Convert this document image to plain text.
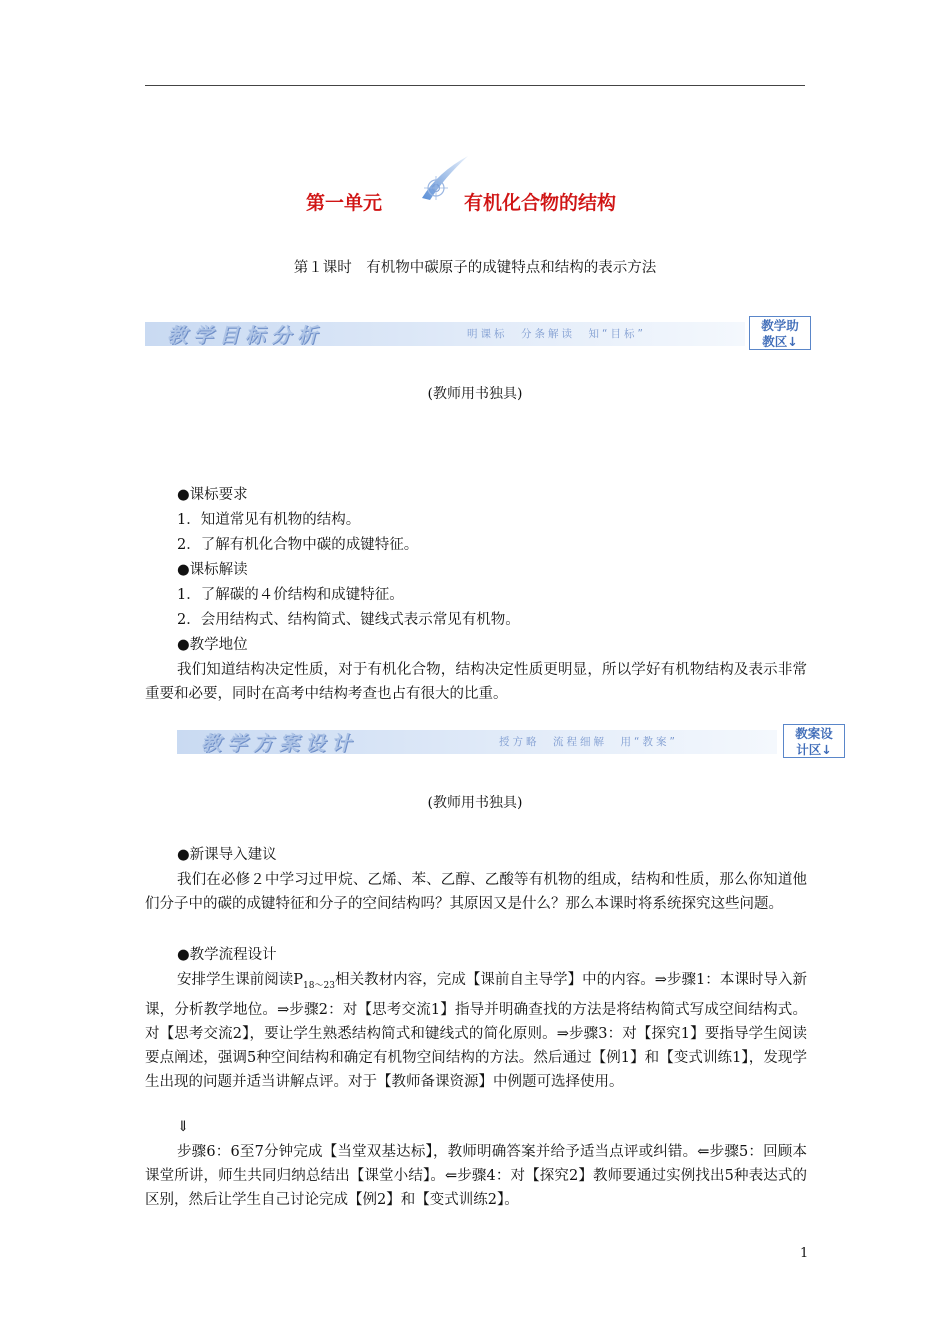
第一单元	有机化合物的结构
第１课时　有机物中碳原子的成键特点和结构的表示方法
教学目标分析	明课标　分条解读　知“目标”
教学助
教区↓
(教师用书独具)
●课标要求
1．知道常见有机物的结构。
2．了解有机化合物中碳的成键特征。
●课标解读
1．了解碳的４价结构和成键特征。
2．会用结构式、结构简式、键线式表示常见有机物。
●教学地位
我们知道结构决定性质，对于有机化合物，结构决定性质更明显，所以学好有机物结构及表示非常重要和必要，同时在高考中结构考查也占有很大的比重。
教学方案设计	授方略　流程细解　用“教案”
教案设
计区↓
(教师用书独具)
●新课导入建议
我们在必修２中学习过甲烷、乙烯、苯、乙醇、乙酸等有机物的组成，结构和性质，那么你知道他们分子中的碳的成键特征和分子的空间结构吗？其原因又是什么？那么本课时将系统探究这些问题。
●教学流程设计
安排学生课前阅读$P_{18\sim 23}$相关教材内容，完成【课前自主导学】中的内容。⇒步骤1：本课时导入新课，分析教学地位。⇒步骤2：对【思考交流1】指导并明确查找的方法是将结构简式写成空间结构式。对【思考交流2】，要让学生熟悉结构简式和键线式的简化原则。⇒步骤3：对【探究1】要指导学生阅读要点阐述，强调5种空间结构和确定有机物空间结构的方法。然后通过【例1】和【变式训练1】，发现学生出现的问题并适当讲解点评。对于【教师备课资源】中例题可选择使用。
⇓
步骤6：6至7分钟完成【当堂双基达标】，教师明确答案并给予适当点评或纠错。⇐步骤5：回顾本课堂所讲，师生共同归纳总结出【课堂小结】。⇐步骤4：对【探究2】教师要通过实例找出5种表达式的区别，然后让学生自己讨论完成【例2】和【变式训练2】。
1
